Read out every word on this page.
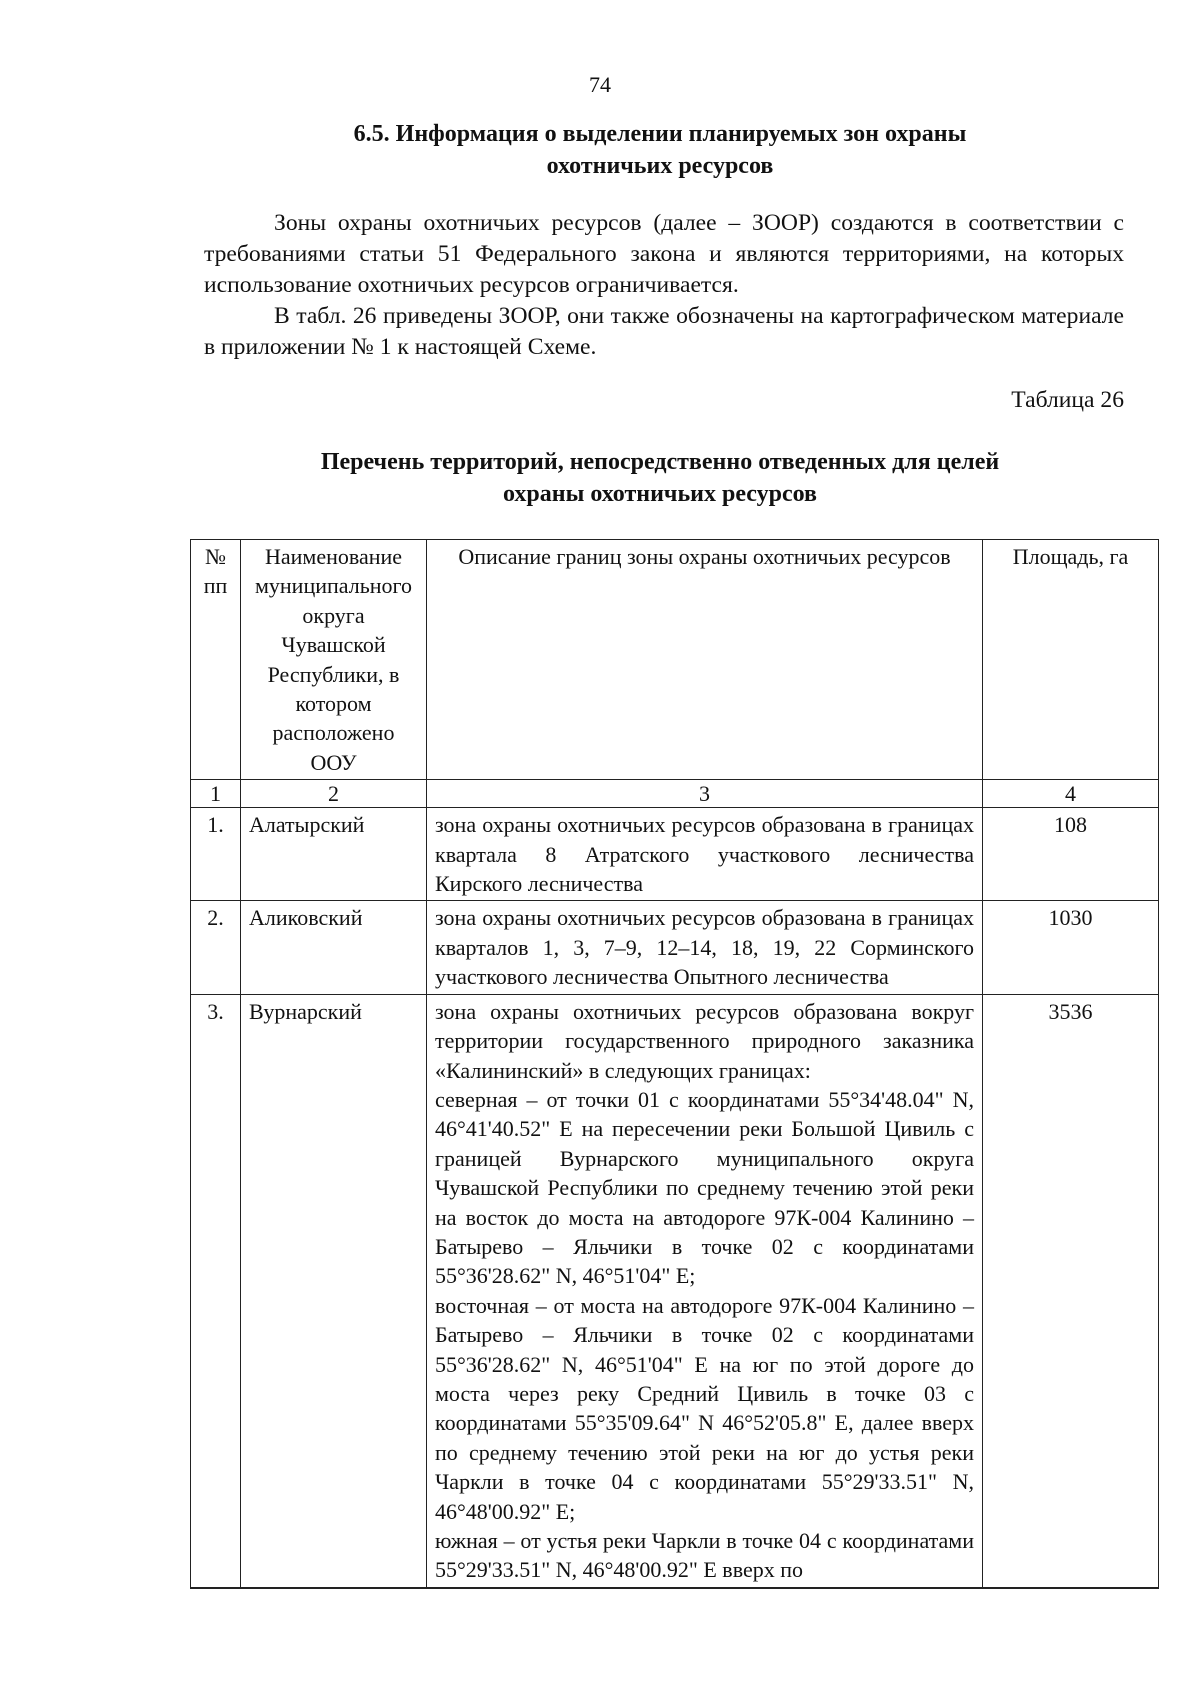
74
6.5. Информация о выделении планируемых зон охраны
охотничьих ресурсов

Зоны охраны охотничьих ресурсов (далее – ЗООР) создаются в соответствии с требованиями статьи 51 Федерального закона и являются территориями, на которых использование охотничьих ресурсов ограничивается.

В табл. 26 приведены ЗООР, они также обозначены на картографическом материале в приложении № 1 к настоящей Схеме.

Таблица 26
Перечень территорий, непосредственно отведенных для целей
охраны охотничьих ресурсов
№ пп	Наименование муниципального округа Чувашской Республики, в котором расположено ООУ	Описание границ зоны охраны охотничьих ресурсов	Площадь, га
1	2	3	4
1.	Алатырский	зона охраны охотничьих ресурсов образована в границах квартала 8 Атратского участкового лесничества Кирского лесничества	108
2.	Аликовский	зона охраны охотничьих ресурсов образована в границах кварталов 1, 3, 7–9, 12–14, 18, 19, 22 Сорминского участкового лесничества Опытного лесничества	1030
3.	Вурнарский	зона охраны охотничьих ресурсов образована вокруг территории государственного природного заказника «Калининский» в следующих границах:
северная – от точки 01 с координатами 55°34'48.04" N, 46°41'40.52" E на пересечении реки Большой Цивиль с границей Вурнарского муниципального округа Чувашской Республики по среднему течению этой реки на восток до моста на автодороге 97К-004 Калинино – Батырево – Яльчики в точке 02 с координатами 55°36'28.62" N, 46°51'04" E;
восточная – от моста на автодороге 97К-004 Калинино – Батырево – Яльчики в точке 02 с координатами 55°36'28.62" N, 46°51'04" E на юг по этой дороге до моста через реку Средний Цивиль в точке 03 с координатами 55°35'09.64" N 46°52'05.8" E, далее вверх по среднему течению этой реки на юг до устья реки Чаркли в точке 04 с координатами 55°29'33.51" N, 46°48'00.92" E;
южная – от устья реки Чаркли в точке 04 с координатами 55°29'33.51" N, 46°48'00.92" E вверх по	3536
